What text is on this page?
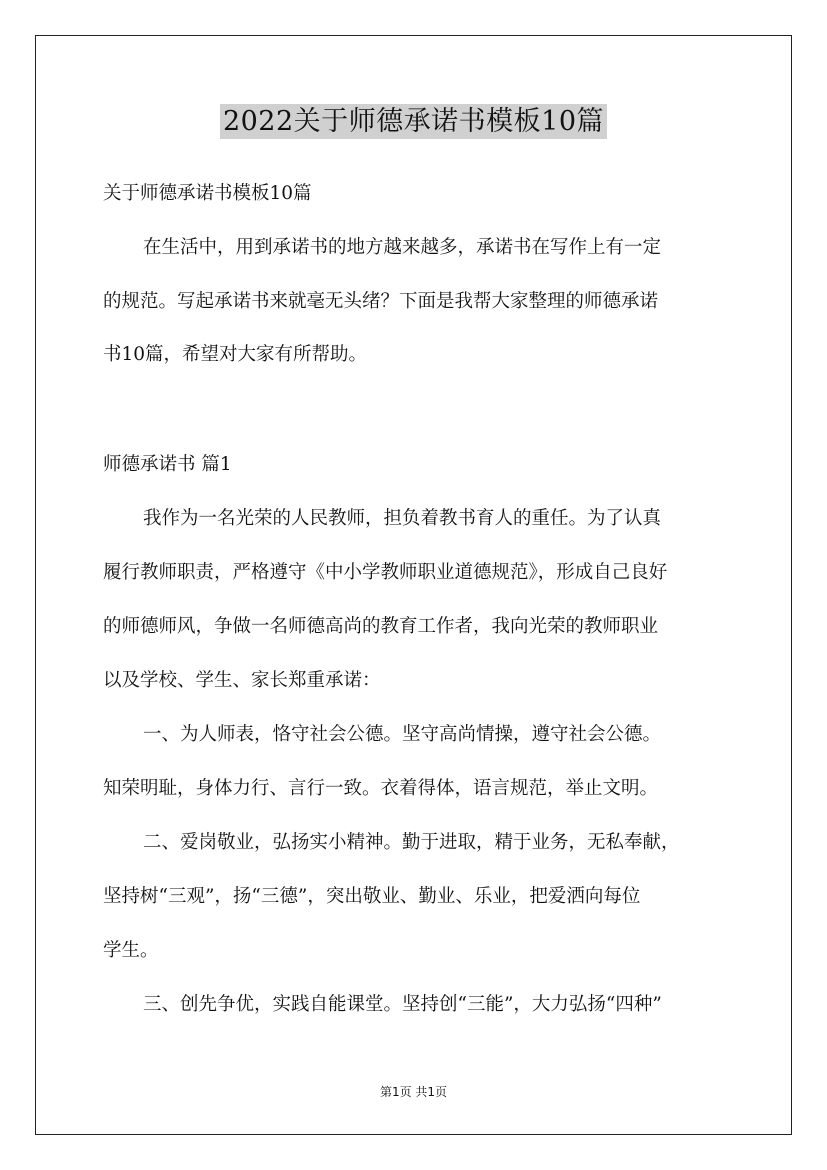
2022关于师德承诺书模板10篇
关于师德承诺书模板10篇
在生活中，用到承诺书的地方越来越多，承诺书在写作上有一定
的规范。写起承诺书来就毫无头绪？下面是我帮大家整理的师德承诺
书10篇，希望对大家有所帮助。
师德承诺书 篇1
我作为一名光荣的人民教师，担负着教书育人的重任。为了认真
履行教师职责，严格遵守《中小学教师职业道德规范》，形成自己良好
的师德师风，争做一名师德高尚的教育工作者，我向光荣的教师职业
以及学校、学生、家长郑重承诺：
一、为人师表，恪守社会公德。坚守高尚情操，遵守社会公德。
知荣明耻，身体力行、言行一致。衣着得体，语言规范，举止文明。
二、爱岗敬业，弘扬实小精神。勤于进取，精于业务，无私奉献，
坚持树“三观”，扬“三德”，突出敬业、勤业、乐业，把爱洒向每位
学生。
三、创先争优，实践自能课堂。坚持创“三能”，大力弘扬“四种”
第1页 共1页
